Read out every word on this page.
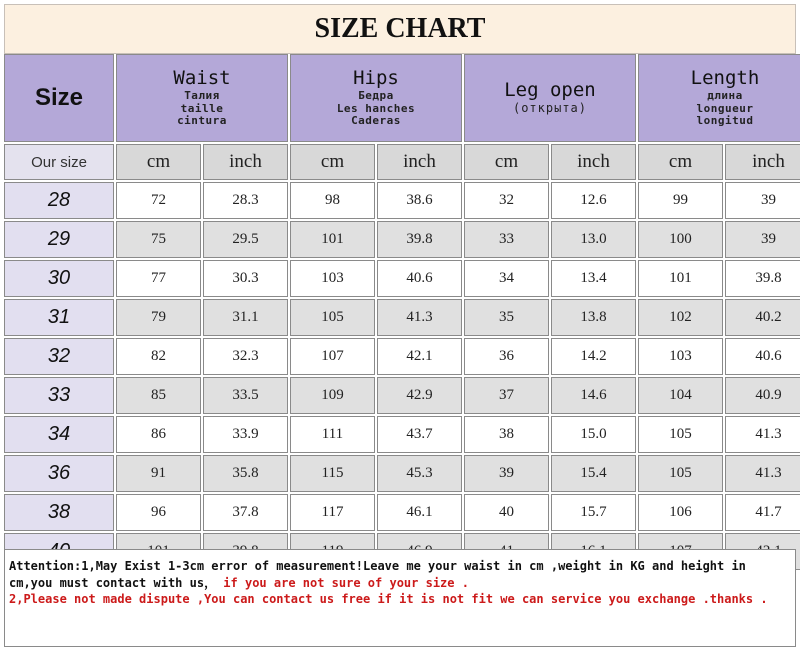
SIZE CHART
Size
Waist
Талия
taille
cintura
Hips
Бедра
Les hanches
Caderas
Leg open
(открыта)
Length
длина
longueur
longitud
Our size	cm	inch	cm	inch	cm	inch	cm	inch
28	72	28.3	98	38.6	32	12.6	99	39
29	75	29.5	101	39.8	33	13.0	100	39
30	77	30.3	103	40.6	34	13.4	101	39.8
31	79	31.1	105	41.3	35	13.8	102	40.2
32	82	32.3	107	42.1	36	14.2	103	40.6
33	85	33.5	109	42.9	37	14.6	104	40.9
34	86	33.9	111	43.7	38	15.0	105	41.3
36	91	35.8	115	45.3	39	15.4	105	41.3
38	96	37.8	117	46.1	40	15.7	106	41.7
Attention:1,May Exist 1-3cm error of measurement!Leave me your waist in cm ,weight in KG and height in cm,you must contact with us， if you are not sure of your size .
2,Please not made dispute ,You can contact us free if it is not fit we can service you exchange .thanks .
